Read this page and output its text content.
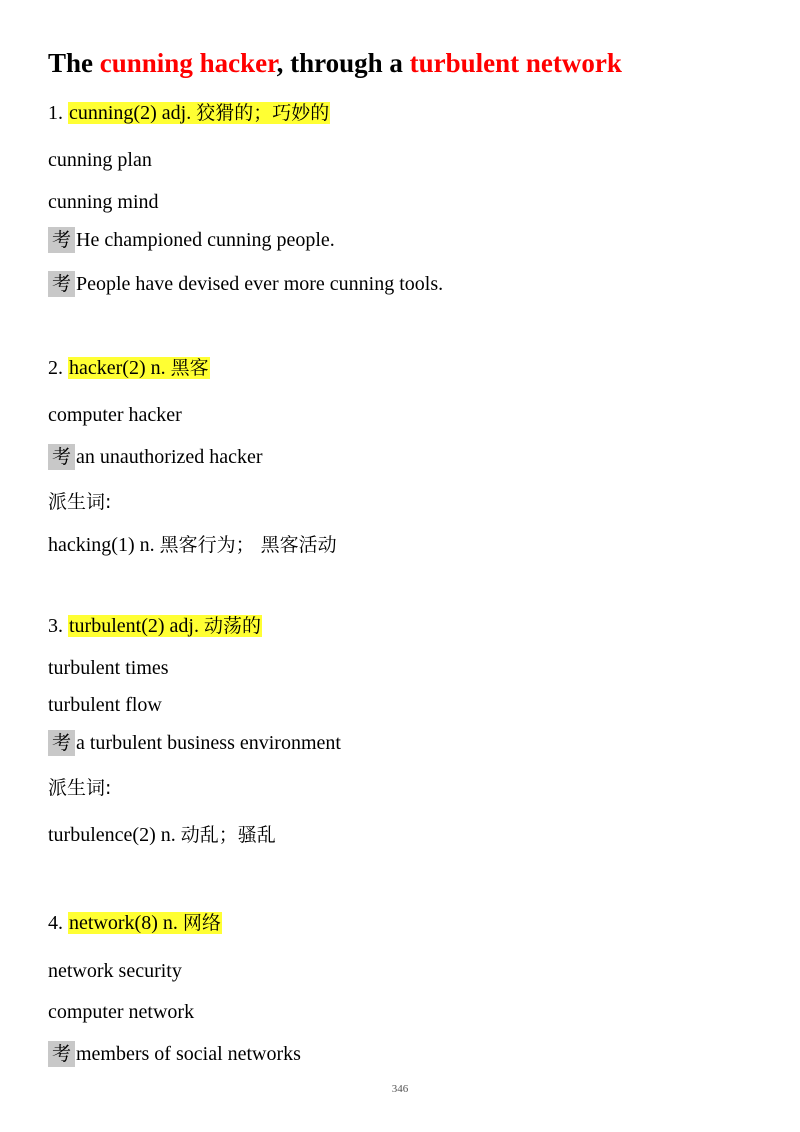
The cunning hacker, through a turbulent network
1. cunning(2) adj. 狡猾的；巧妙的
cunning plan
cunning mind
考 He championed cunning people.
考 People have devised ever more cunning tools.
2. hacker(2) n. 黑客
computer hacker
考 an unauthorized hacker
派生词:
hacking(1) n. 黑客行为； 黑客活动
3. turbulent(2) adj. 动荡的
turbulent times
turbulent flow
考 a turbulent business environment
派生词:
turbulence(2) n. 动乱；骚乱
4. network(8) n. 网络
network security
computer network
考 members of social networks
346
